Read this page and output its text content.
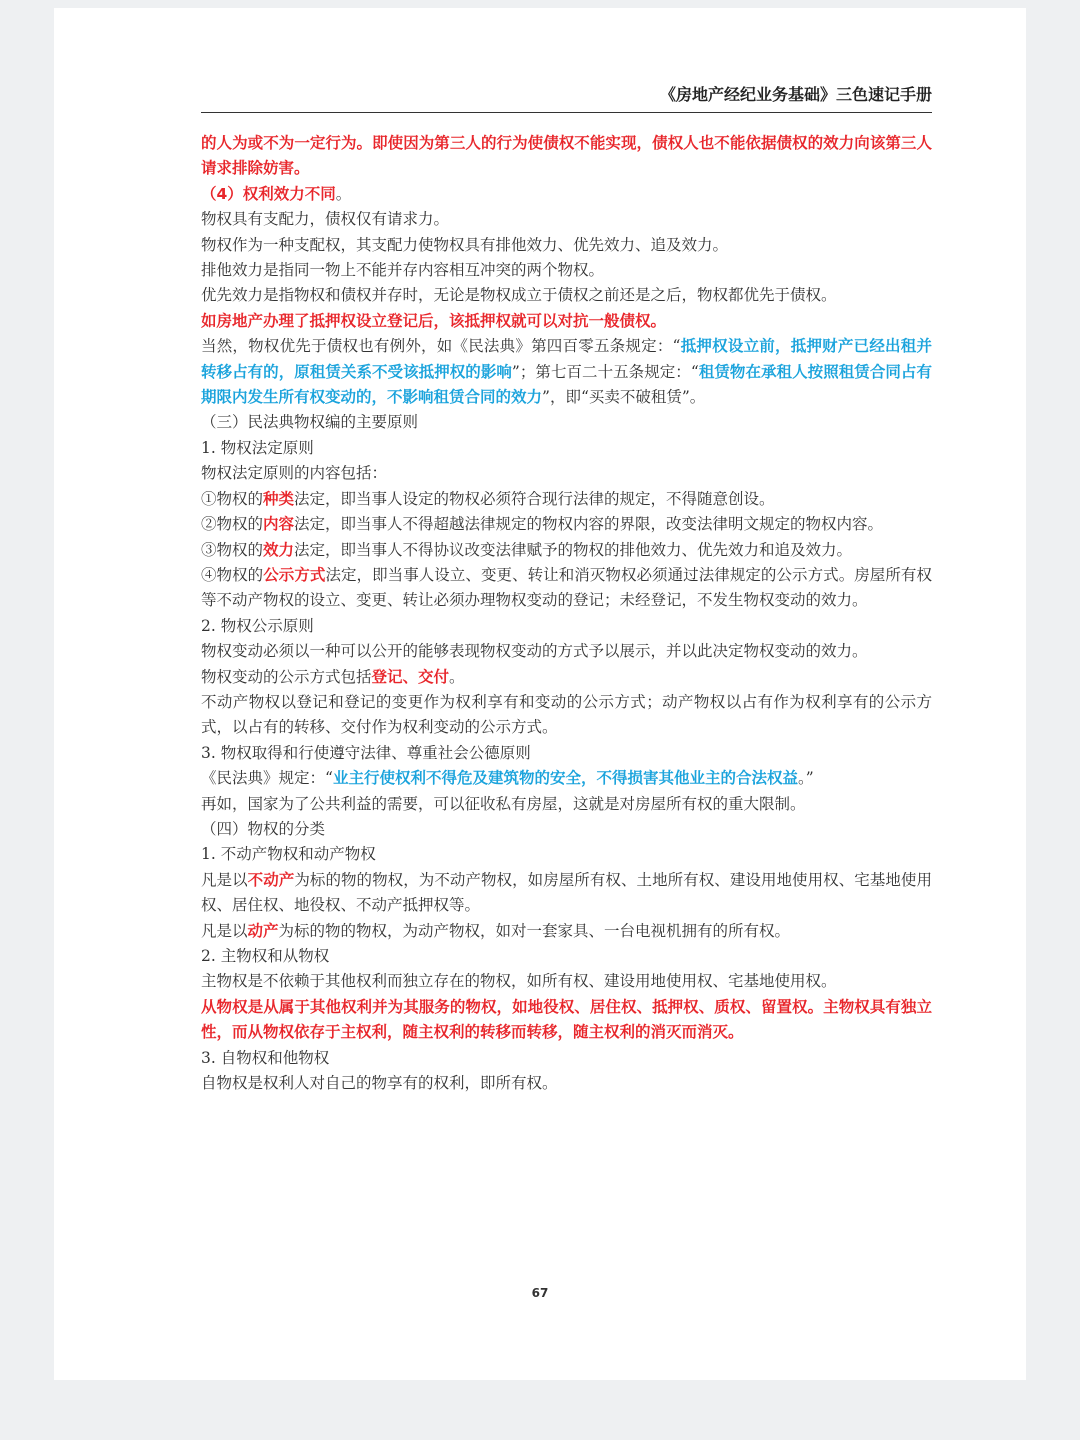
《房地产经纪业务基础》三色速记手册

的人为或不为一定行为。即使因为第三人的行为使债权不能实现，债权人也不能依据债权的效力向该第三人请求排除妨害。

（4）权利效力不同。

物权具有支配力，债权仅有请求力。

物权作为一种支配权，其支配力使物权具有排他效力、优先效力、追及效力。

排他效力是指同一物上不能并存内容相互冲突的两个物权。

优先效力是指物权和债权并存时，无论是物权成立于债权之前还是之后，物权都优先于债权。

如房地产办理了抵押权设立登记后，该抵押权就可以对抗一般债权。

当然，物权优先于债权也有例外，如《民法典》第四百零五条规定：“抵押权设立前，抵押财产已经出租并转移占有的，原租赁关系不受该抵押权的影响”；第七百二十五条规定：“租赁物在承租人按照租赁合同占有期限内发生所有权变动的，不影响租赁合同的效力”，即“买卖不破租赁”。

（三）民法典物权编的主要原则

1. 物权法定原则

物权法定原则的内容包括：

①物权的种类法定，即当事人设定的物权必须符合现行法律的规定，不得随意创设。

②物权的内容法定，即当事人不得超越法律规定的物权内容的界限，改变法律明文规定的物权内容。

③物权的效力法定，即当事人不得协议改变法律赋予的物权的排他效力、优先效力和追及效力。

④物权的公示方式法定，即当事人设立、变更、转让和消灭物权必须通过法律规定的公示方式。房屋所有权等不动产物权的设立、变更、转让必须办理物权变动的登记；未经登记，不发生物权变动的效力。

2. 物权公示原则

物权变动必须以一种可以公开的能够表现物权变动的方式予以展示，并以此决定物权变动的效力。

物权变动的公示方式包括登记、交付。

不动产物权以登记和登记的变更作为权利享有和变动的公示方式；动产物权以占有作为权利享有的公示方式，以占有的转移、交付作为权利变动的公示方式。

3. 物权取得和行使遵守法律、尊重社会公德原则

《民法典》规定：“业主行使权利不得危及建筑物的安全，不得损害其他业主的合法权益。”

再如，国家为了公共利益的需要，可以征收私有房屋，这就是对房屋所有权的重大限制。

（四）物权的分类

1. 不动产物权和动产物权

凡是以不动产为标的物的物权，为不动产物权，如房屋所有权、土地所有权、建设用地使用权、宅基地使用权、居住权、地役权、不动产抵押权等。

凡是以动产为标的物的物权，为动产物权，如对一套家具、一台电视机拥有的所有权。

2. 主物权和从物权

主物权是不依赖于其他权利而独立存在的物权，如所有权、建设用地使用权、宅基地使用权。

从物权是从属于其他权利并为其服务的物权，如地役权、居住权、抵押权、质权、留置权。主物权具有独立性，而从物权依存于主权利，随主权利的转移而转移，随主权利的消灭而消灭。

3. 自物权和他物权

自物权是权利人对自己的物享有的权利，即所有权。

67
